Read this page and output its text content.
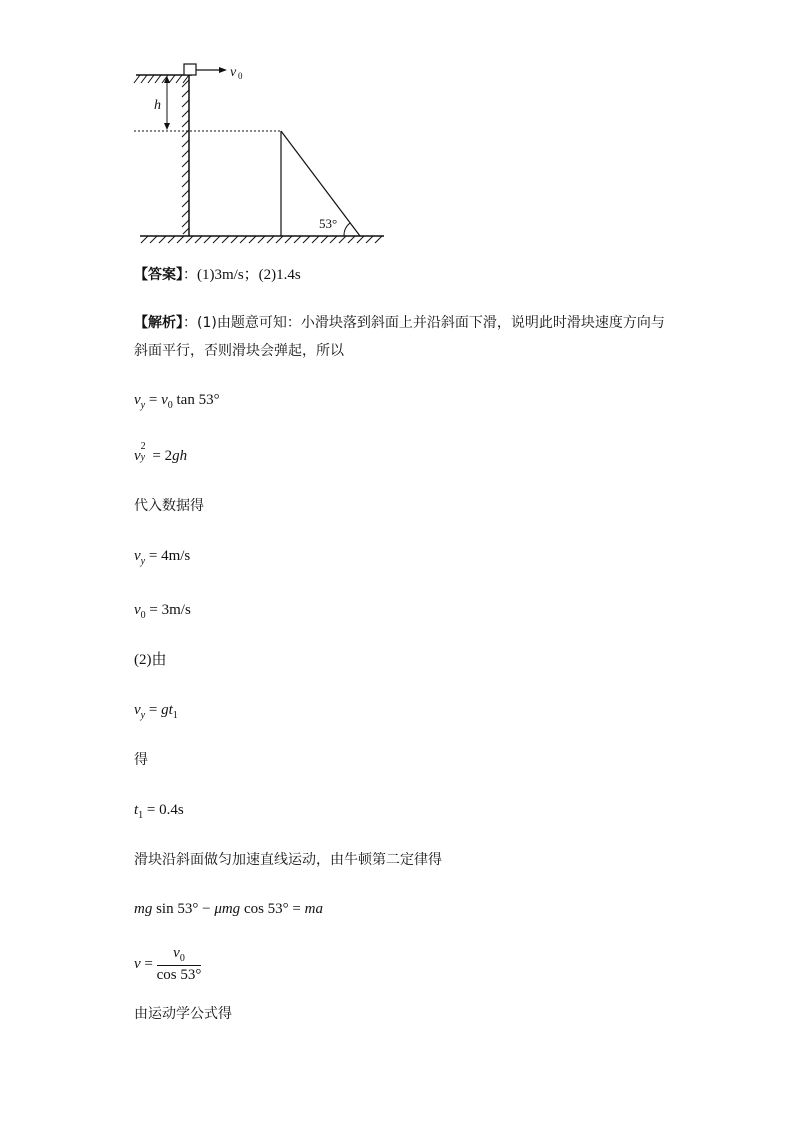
v 0
h
53°
【答案】：(1)3m/s；(2)1.4s
【解析】：(1)由题意可知：小滑块落到斜面上并沿斜面下滑，说明此时滑块速度方向与
斜面平行，否则滑块会弹起，所以
$v_y = v_0$ tan 53°
v
2
y = 2gh
代入数据得
$v_y = 4m/s$
$v_0 = 3m/s$
(2)由
$v_y = gt_1$
得
$t_1 = 0.4s$
滑块沿斜面做匀加速直线运动，由牛顿第二定律得
mg sin 53° − μmg cos 53° = ma
$v = \frac{v_0}{\cos 53^\circ}$
由运动学公式得
